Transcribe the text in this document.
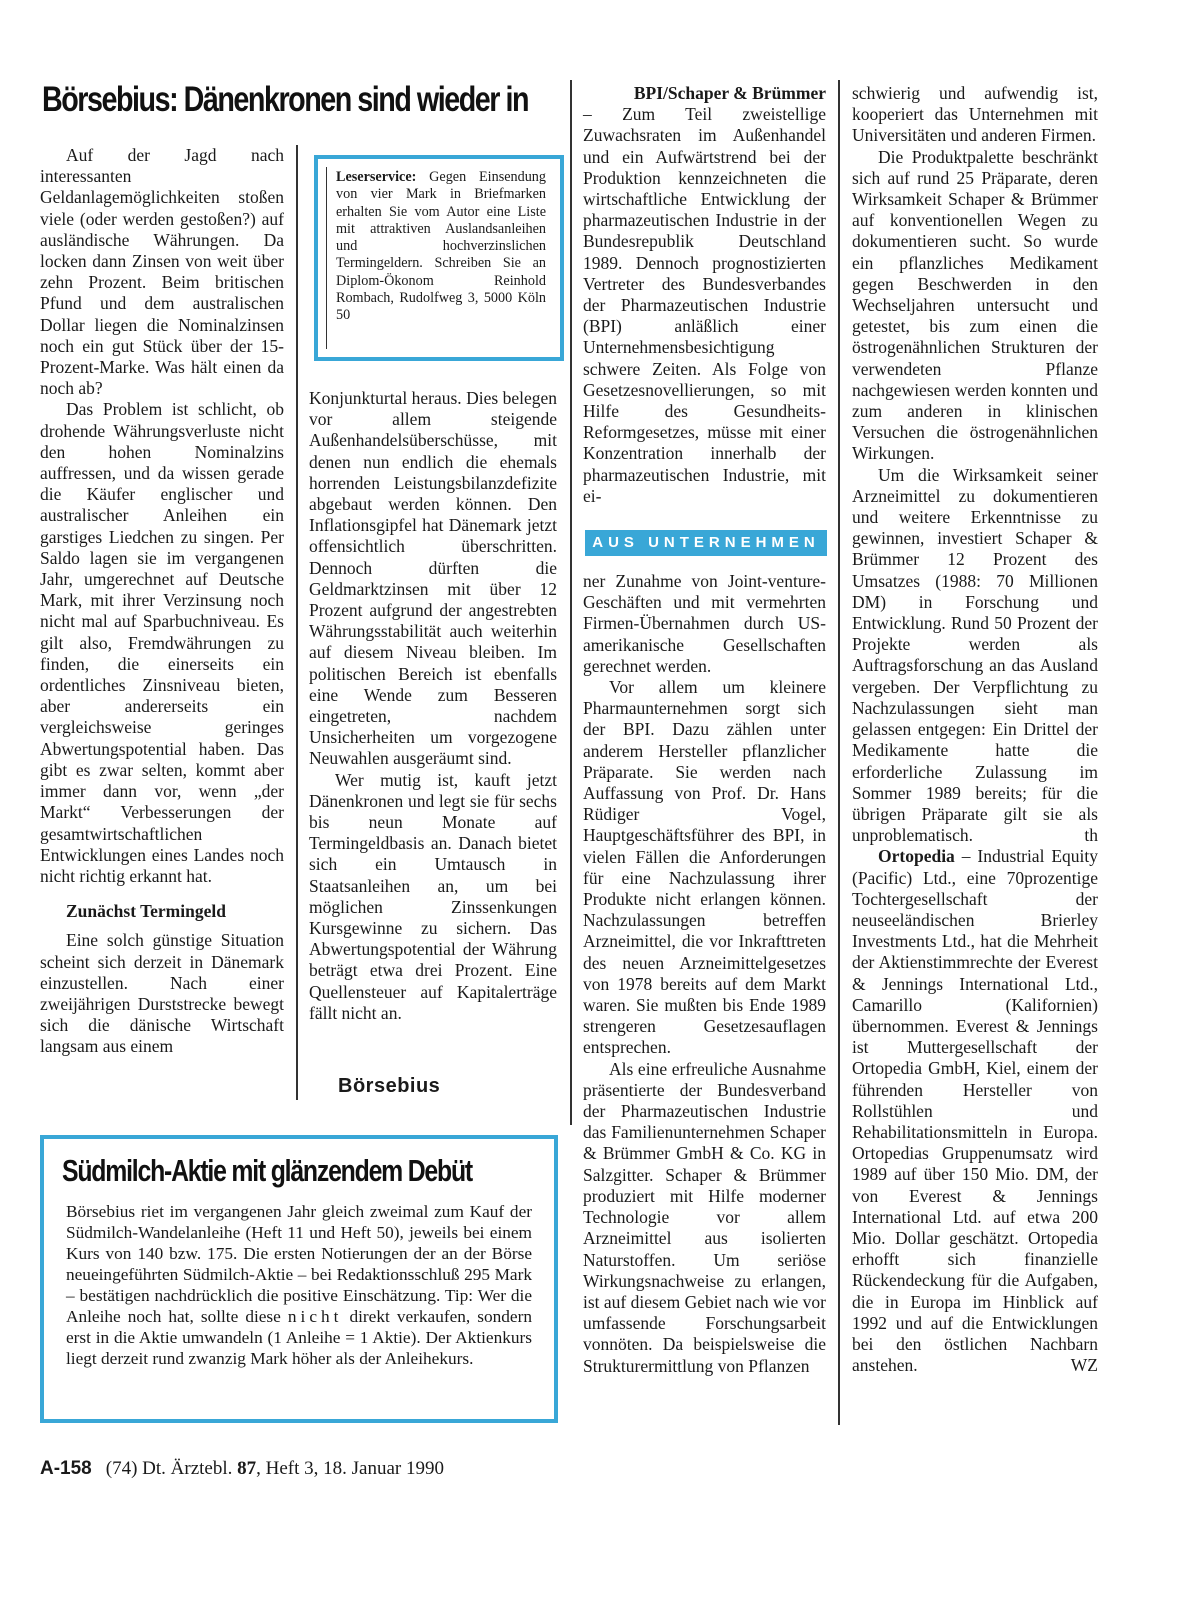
Börsebius: Dänenkronen sind wieder in

Auf der Jagd nach interessanten Geldanlagemöglichkeiten stoßen viele (oder werden gestoßen?) auf ausländische Währungen. Da locken dann Zinsen von weit über zehn Prozent. Beim britischen Pfund und dem australischen Dollar liegen die Nominalzinsen noch ein gut Stück über der 15-Prozent-Marke. Was hält einen da noch ab?

Das Problem ist schlicht, ob drohende Währungsverluste nicht den hohen Nominalzins auffressen, und da wissen gerade die Käufer englischer und australischer Anleihen ein garstiges Liedchen zu singen. Per Saldo lagen sie im vergangenen Jahr, umgerechnet auf Deutsche Mark, mit ihrer Verzinsung noch nicht mal auf Sparbuchniveau. Es gilt also, Fremdwährungen zu finden, die einerseits ein ordentliches Zinsniveau bieten, aber andererseits ein vergleichsweise geringes Abwertungspotential haben. Das gibt es zwar selten, kommt aber immer dann vor, wenn „der Markt“ Verbesserungen der gesamtwirtschaftlichen Entwicklungen eines Landes noch nicht richtig erkannt hat.

Zunächst Termingeld

Eine solch günstige Situation scheint sich derzeit in Dänemark einzustellen. Nach einer zweijährigen Durststrecke bewegt sich die dänische Wirtschaft langsam aus einem

Leserservice: Gegen Einsendung von vier Mark in Briefmarken erhalten Sie vom Autor eine Liste mit attraktiven Auslandsanleihen und hochverzinslichen Termingeldern. Schreiben Sie an Diplom-Ökonom Reinhold Rombach, Rudolfweg 3, 5000 Köln 50

Konjunkturtal heraus. Dies belegen vor allem steigende Außenhandelsüberschüsse, mit denen nun endlich die ehemals horrenden Leistungsbilanzdefizite abgebaut werden können. Den Inflationsgipfel hat Dänemark jetzt offensichtlich überschritten. Dennoch dürften die Geldmarktzinsen mit über 12 Prozent aufgrund der angestrebten Währungsstabilität auch weiterhin auf diesem Niveau bleiben. Im politischen Bereich ist ebenfalls eine Wende zum Besseren eingetreten, nachdem Unsicherheiten um vorgezogene Neuwahlen ausgeräumt sind.

Wer mutig ist, kauft jetzt Dänenkronen und legt sie für sechs bis neun Monate auf Termingeldbasis an. Danach bietet sich ein Umtausch in Staatsanleihen an, um bei möglichen Zinssenkungen Kursgewinne zu sichern. Das Abwertungspotential der Währung beträgt etwa drei Prozent. Eine Quellensteuer auf Kapitalerträge fällt nicht an.

Börsebius
Südmilch-Aktie mit glänzendem Debüt
Börsebius riet im vergangenen Jahr gleich zweimal zum Kauf der Südmilch-Wandelanleihe (Heft 11 und Heft 50), jeweils bei einem Kurs von 140 bzw. 175. Die ersten Notierungen der an der Börse neueingeführten Südmilch-Aktie – bei Redaktionsschluß 295 Mark – bestätigen nachdrücklich die positive Einschätzung. Tip: Wer die Anleihe noch hat, sollte diese nicht direkt verkaufen, sondern erst in die Aktie umwandeln (1 Anleihe = 1 Aktie). Der Aktienkurs liegt derzeit rund zwanzig Mark höher als der Anleihekurs.
BPI/Schaper & Brümmer

– Zum Teil zweistellige Zuwachsraten im Außenhandel und ein Aufwärtstrend bei der Produktion kennzeichneten die wirtschaftliche Entwicklung der pharmazeutischen Industrie in der Bundesrepublik Deutschland 1989. Dennoch prognostizierten Vertreter des Bundesverbandes der Pharmazeutischen Industrie (BPI) anläßlich einer Unternehmensbesichtigung schwere Zeiten. Als Folge von Gesetzesnovellierungen, so mit Hilfe des Gesundheits-Reformgesetzes, müsse mit einer Konzentration innerhalb der pharmazeutischen Industrie, mit ei-

AUS UNTERNEHMEN

ner Zunahme von Joint-venture-Geschäften und mit vermehrten Firmen-Übernahmen durch US-amerikanische Gesellschaften gerechnet werden.

Vor allem um kleinere Pharmaunternehmen sorgt sich der BPI. Dazu zählen unter anderem Hersteller pflanzlicher Präparate. Sie werden nach Auffassung von Prof. Dr. Hans Rüdiger Vogel, Hauptgeschäftsführer des BPI, in vielen Fällen die Anforderungen für eine Nachzulassung ihrer Produkte nicht erlangen können. Nachzulassungen betreffen Arzneimittel, die vor Inkrafttreten des neuen Arzneimittelgesetzes von 1978 bereits auf dem Markt waren. Sie mußten bis Ende 1989 strengeren Gesetzesauflagen entsprechen.

Als eine erfreuliche Ausnahme präsentierte der Bundesverband der Pharmazeutischen Industrie das Familienunternehmen Schaper & Brümmer GmbH & Co. KG in Salzgitter. Schaper & Brümmer produziert mit Hilfe moderner Technologie vor allem Arzneimittel aus isolierten Naturstoffen. Um seriöse Wirkungsnachweise zu erlangen, ist auf diesem Gebiet nach wie vor umfassende Forschungsarbeit vonnöten. Da beispielsweise die Strukturermittlung von Pflanzen

schwierig und aufwendig ist, kooperiert das Unternehmen mit Universitäten und anderen Firmen.

Die Produktpalette beschränkt sich auf rund 25 Präparate, deren Wirksamkeit Schaper & Brümmer auf konventionellen Wegen zu dokumentieren sucht. So wurde ein pflanzliches Medikament gegen Beschwerden in den Wechseljahren untersucht und getestet, bis zum einen die östrogenähnlichen Strukturen der verwendeten Pflanze nachgewiesen werden konnten und zum anderen in klinischen Versuchen die östrogenähnlichen Wirkungen.

Um die Wirksamkeit seiner Arzneimittel zu dokumentieren und weitere Erkenntnisse zu gewinnen, investiert Schaper & Brümmer 12 Prozent des Umsatzes (1988: 70 Millionen DM) in Forschung und Entwicklung. Rund 50 Prozent der Projekte werden als Auftragsforschung an das Ausland vergeben. Der Verpflichtung zu Nachzulassungen sieht man gelassen entgegen: Ein Drittel der Medikamente hatte die erforderliche Zulassung im Sommer 1989 bereits; für die übrigen Präparate gilt sie als unproblematisch.	th

Ortopedia – Industrial Equity (Pacific) Ltd., eine 70prozentige Tochtergesellschaft der neuseeländischen Brierley Investments Ltd., hat die Mehrheit der Aktienstimmrechte der Everest & Jennings International Ltd., Camarillo (Kalifornien) übernommen. Everest & Jennings ist Muttergesellschaft der Ortopedia GmbH, Kiel, einem der führenden Hersteller von Rollstühlen und Rehabilitationsmitteln in Europa. Ortopedias Gruppenumsatz wird 1989 auf über 150 Mio. DM, der von Everest & Jennings International Ltd. auf etwa 200 Mio. Dollar geschätzt. Ortopedia erhofft sich finanzielle Rückendeckung für die Aufgaben, die in Europa im Hinblick auf 1992 und auf die Entwicklungen bei den östlichen Nachbarn anstehen.	WZ
A-158 (74) Dt. Ärztebl. 87, Heft 3, 18. Januar 1990
